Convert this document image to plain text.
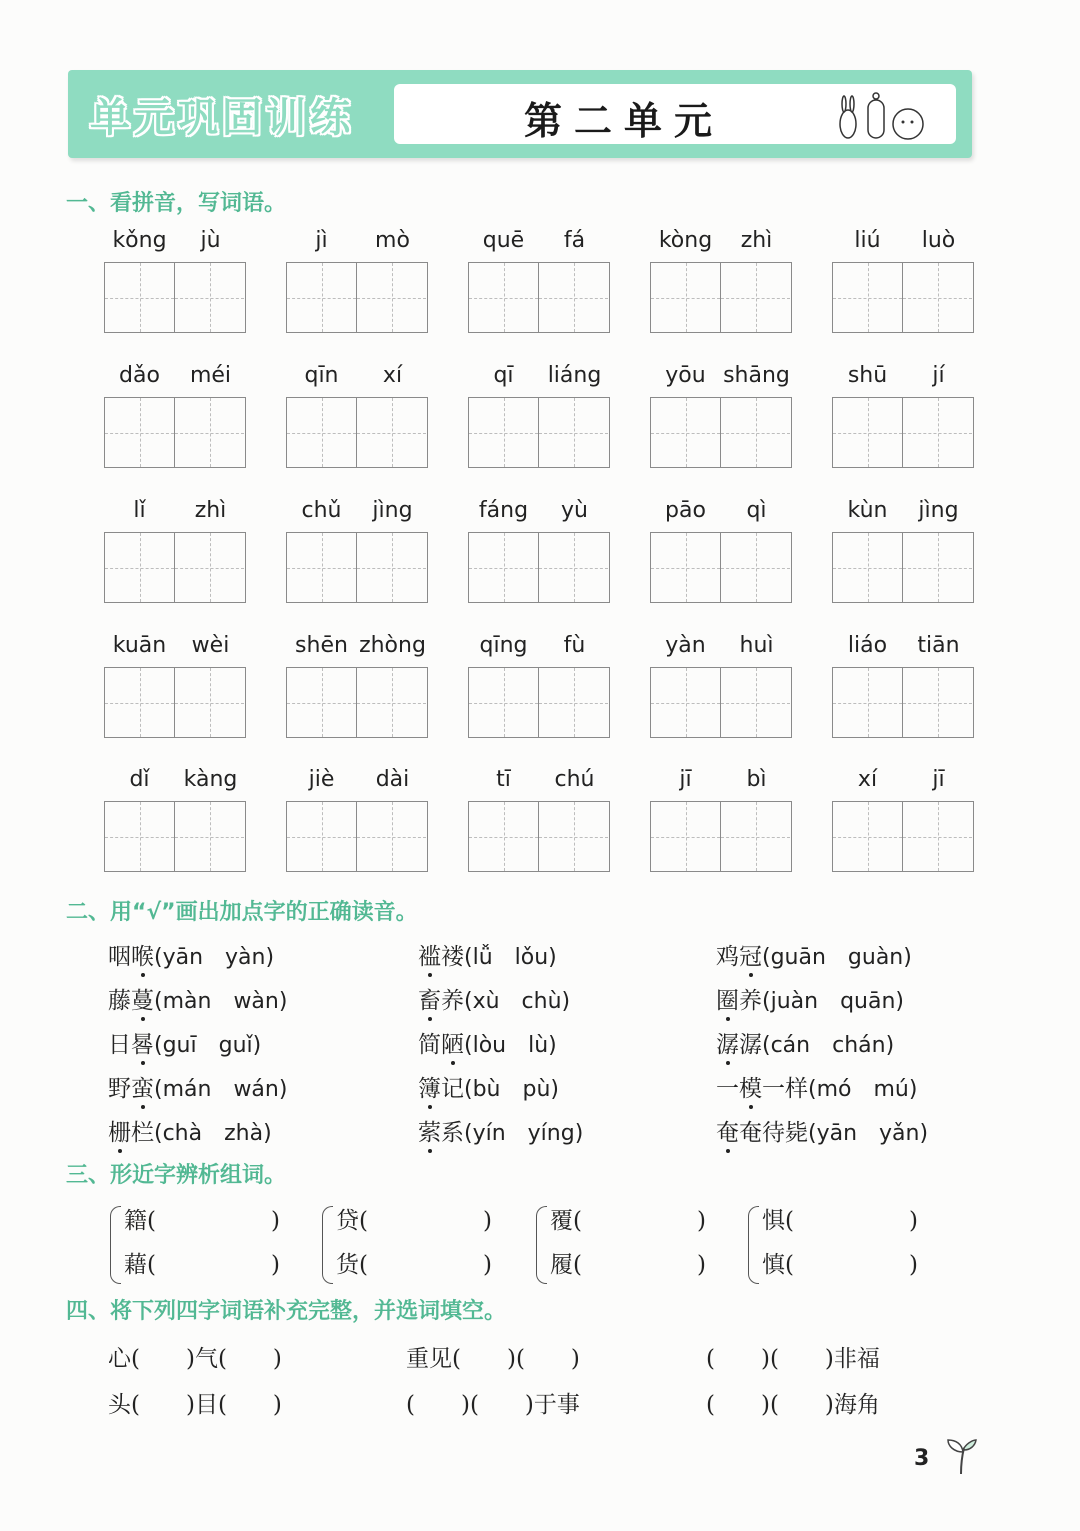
单元巩固训练	第二单元
一、看拼音，写词语。
kǒng	jù	jì	mò	quē	fá	kòng	zhì	liú	luò
dǎo	méi	qīn	xí	qī	liáng	yōu shāng	shū	jí
lǐ	zhì	chǔ	jìng	fáng	yù	pāo	qì	kùn	jìng
kuān	wèi	shēn zhòng	qīng	fù	yàn	huì	liáo	tiān
dǐ	kàng	jiè	dài	tī	chú	jī	bì	xí	jī
二、用“√”画出加点字的正确读音。
咽喉(yān　yàn)	褴褛(lǚ　lǒu)	鸡冠(guān　guàn)
藤蔓(màn　wàn)	畜养(xù　chù)	圈养(juàn　quān)
日晷(guī　guǐ)	简陋(lòu　lù)	潺潺(cán　chán)
野蛮(mán　wán)	簿记(bù　pù)	一模一样(mó　mú)
栅栏(chà　zhà)	萦系(yín　yíng)	奄奄待毙(yān　yǎn)
三、形近字辨析组词。
籍(　　　　　)
藉(　　　　　)
贷(　　　　　)
货(　　　　　)
覆(　　　　　)
履(　　　　　)
惧(　　　　　)
慎(　　　　　)
四、将下列四字词语补充完整，并选词填空。
心(　　)气(　　)	重见(　　)(　　)	(　　)(　　)非福
头(　　)目(　　)	(　　)(　　)于事	(　　)(　　)海角
3
